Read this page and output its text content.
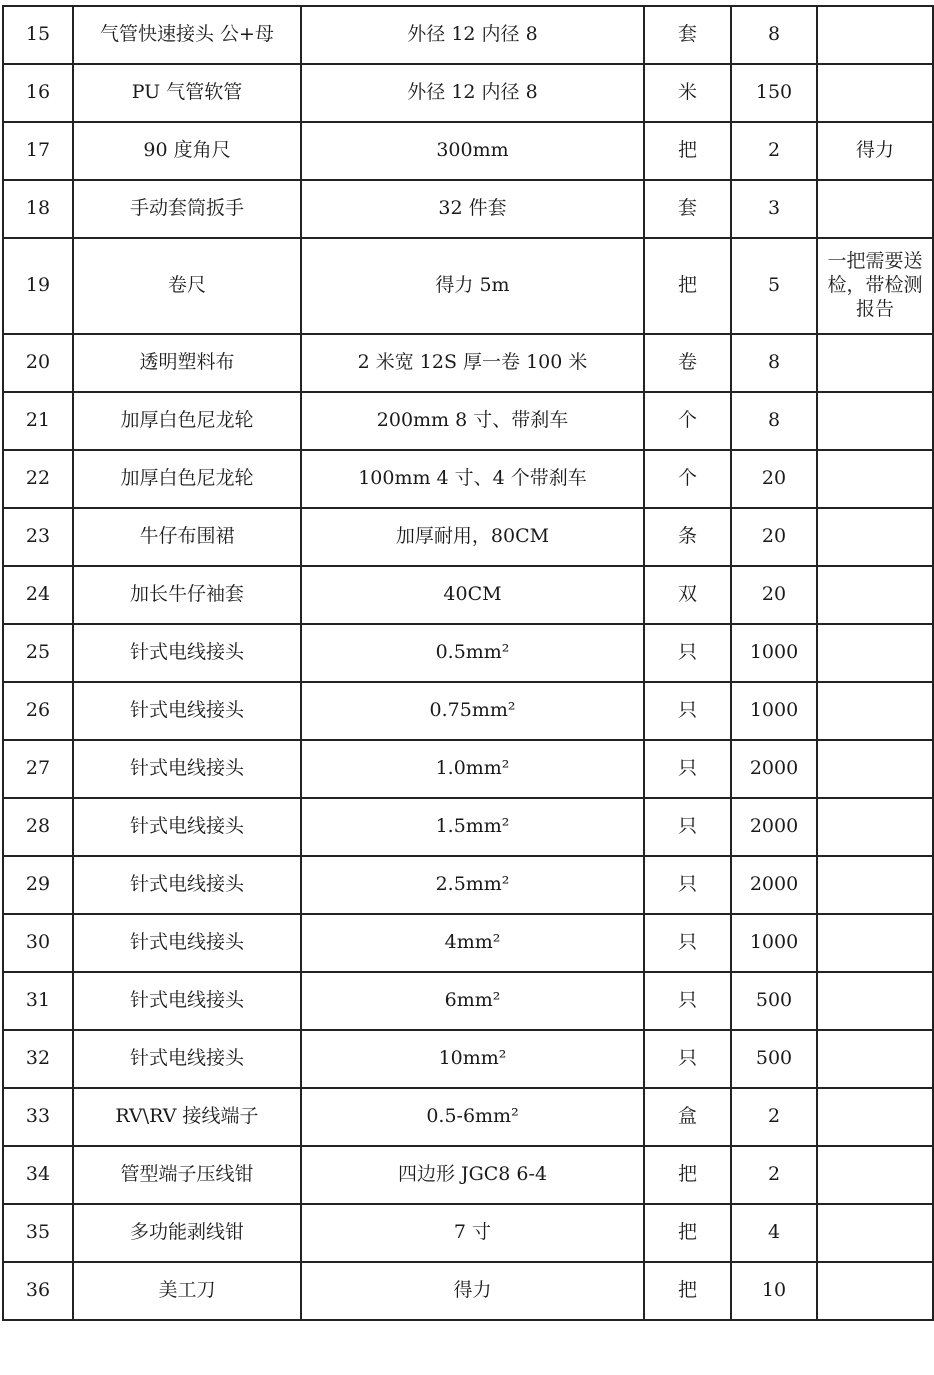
15	气管快速接头 公+母	外径 12 内径 8	套	8	
16	PU 气管软管	外径 12 内径 8	米	150	
17	90 度角尺	300mm	把	2	得力
18	手动套筒扳手	32 件套	套	3	
19	卷尺	得力 5m	把	5	一把需要送检，带检测报告

20	透明塑料布	2 米宽 12S 厚一卷 100 米	卷	8	
21	加厚白色尼龙轮	200mm 8 寸、带刹车	个	8	
22	加厚白色尼龙轮	100mm 4 寸、4 个带刹车	个	20	
23	牛仔布围裙	加厚耐用，80CM	条	20	
24	加长牛仔袖套	40CM	双	20	
25	针式电线接头	0.5mm²	只	1000	
26	针式电线接头	0.75mm²	只	1000	
27	针式电线接头	1.0mm²	只	2000	
28	针式电线接头	1.5mm²	只	2000	
29	针式电线接头	2.5mm²	只	2000	
30	针式电线接头	4mm²	只	1000	
31	针式电线接头	6mm²	只	500	
32	针式电线接头	10mm²	只	500	
33	RV\RV 接线端子	0.5-6mm²	盒	2	
34	管型端子压线钳	四边形 JGC8 6-4	把	2	
35	多功能剥线钳	7 寸	把	4	
36	美工刀	得力	把	10	
